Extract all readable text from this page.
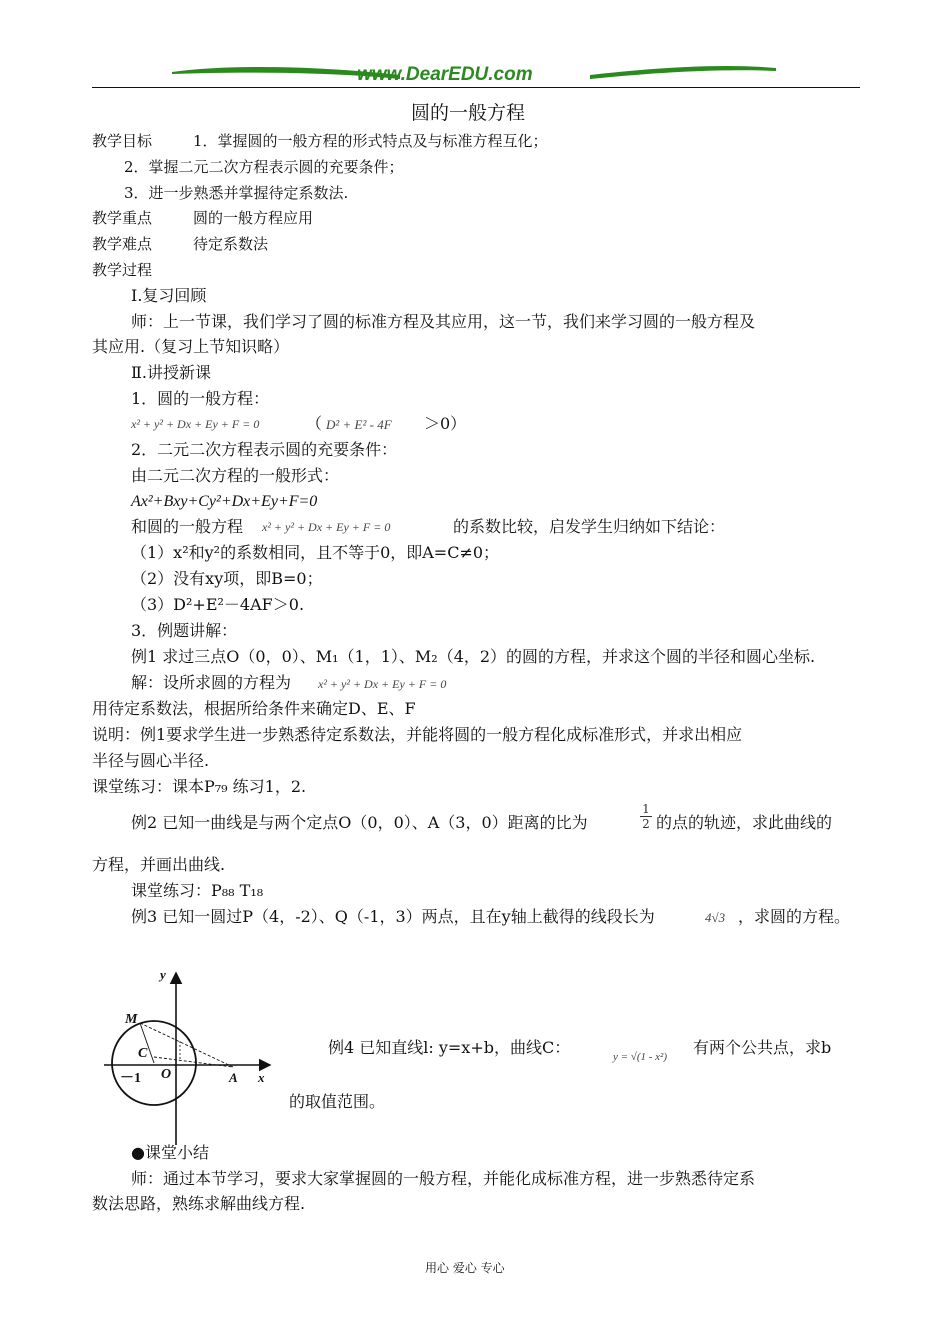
www.DearEDU.com
圆的一般方程
教学目标	1．掌握圆的一般方程的形式特点及与标准方程互化；
2．掌握二元二次方程表示圆的充要条件；
3．进一步熟悉并掌握待定系数法.
教学重点	圆的一般方程应用
教学难点	待定系数法
教学过程
Ⅰ.复习回顾
师：上一节课，我们学习了圆的标准方程及其应用，这一节，我们来学习圆的一般方程及
其应用.（复习上节知识略）
Ⅱ.讲授新课
1．圆的一般方程：
x² + y² + Dx + Ey + F = 0	（ D² + E² - 4F ＞0）
2．二元二次方程表示圆的充要条件：
由二元二次方程的一般形式：
Ax²+Bxy+Cy²+Dx+Ey+F=0
和圆的一般方程 x² + y² + Dx + Ey + F = 0	的系数比较，启发学生归纳如下结论：
（1）x²和y²的系数相同，且不等于0，即A=C≠0；
（2）没有xy项，即B=0；
（3）D²+E²－4AF＞0.
3．例题讲解：
例1 求过三点O（0，0）、M₁（1，1）、M₂（4，2）的圆的方程，并求这个圆的半径和圆心坐标.
解：设所求圆的方程为 x² + y² + Dx + Ey + F = 0
用待定系数法，根据所给条件来确定D、E、F
说明：例1要求学生进一步熟悉待定系数法，并能将圆的一般方程化成标准形式，并求出相应
半径与圆心半径.
课堂练习：课本P₇₉ 练习1，2.
例2 已知一曲线是与两个定点O（0，0）、A（3，0）距离的比为	$\frac{1}{2}$ 的点的轨迹，求此曲线的
方程，并画出曲线.
课堂练习：P₈₈ T₁₈
例3 已知一圆过P（4，-2）、Q（-1，3）两点，且在y轴上截得的线段长为	4√3 ，求圆的方程。
y
x
M
C
－1 O	A
例4 已知直线l: y=x+b，曲线C：	y = √(1 - x²) 有两个公共点，求b
的取值范围。
●课堂小结
师：通过本节学习，要求大家掌握圆的一般方程，并能化成标准方程，进一步熟悉待定系
数法思路，熟练求解曲线方程.
用心 爱心 专心
